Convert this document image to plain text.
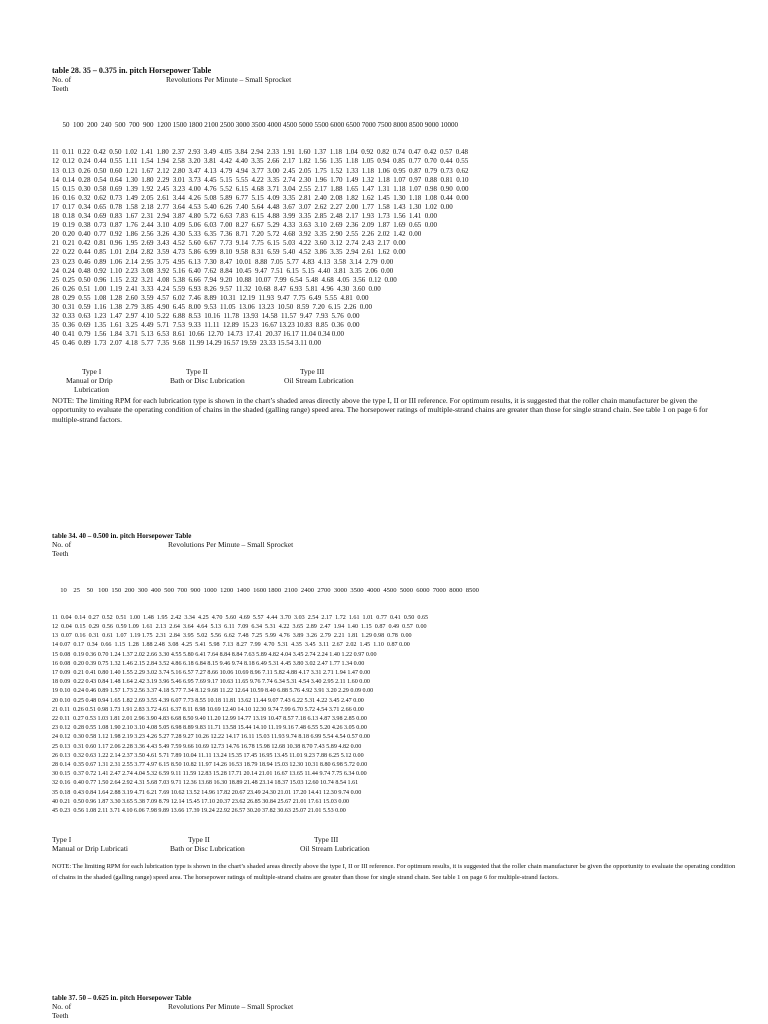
table 28. 35 – 0.375 in. pitch Horsepower Table
No. of	Revolutions Per Minute – Small Sprocket
Teeth

50  100  200  240  500  700  900  1200 1500 1800 2100 2500 3000 3500 4000 4500 5000 5500 6000 6500 7000 7500 8000 8500 9000 10000

11  0.11  0.22  0.42  0.50  1.02  1.41  1.80  2.37  2.93  3.49  4.05  3.84  2.94  2.33  1.91  1.60  1.37  1.18  1.04  0.92  0.82  0.74  0.47  0.42  0.57  0.48
12  0.12  0.24  0.44  0.55  1.11  1.54  1.94  2.58  3.20  3.81  4.42  4.40  3.35  2.66  2.17  1.82  1.56  1.35  1.18  1.05  0.94  0.85  0.77  0.70  0.44  0.55
13  0.13  0.26  0.50  0.60  1.21  1.67  2.12  2.80  3.47  4.13  4.79  4.94  3.77  3.00  2.45  2.05  1.75  1.52  1.33  1.18  1.06  0.95  0.87  0.79  0.73  0.62
14  0.14  0.28  0.54  0.64  1.30  1.80  2.29  3.01  3.73  4.45  5.15  5.55  4.22  3.35  2.74  2.30  1.96  1.70  1.49  1.32  1.18  1.07  0.97  0.88  0.81  0.10
15  0.15  0.30  0.58  0.69  1.39  1.92  2.45  3.23  4.00  4.76  5.52  6.15  4.68  3.71  3.04  2.55  2.17  1.88  1.65  1.47  1.31  1.18  1.07  0.98  0.90  0.00
16  0.16  0.32  0.62  0.73  1.49  2.05  2.61  3.44  4.26  5.08  5.89  6.77  5.15  4.09  3.35  2.81  2.40  2.08  1.82  1.62  1.45  1.30  1.18  1.08  0.44  0.00
17  0.17  0.34  0.65  0.78  1.58  2.18  2.77  3.64  4.53  5.40  6.26  7.40  5.64  4.48  3.67  3.07  2.62  2.27  2.00  1.77  1.58  1.43  1.30  1.02  0.00
18  0.18  0.34  0.69  0.83  1.67  2.31  2.94  3.87  4.80  5.72  6.63  7.83  6.15  4.88  3.99  3.35  2.85  2.48  2.17  1.93  1.73  1.56  1.41  0.00
19  0.19  0.38  0.73  0.87  1.76  2.44  3.10  4.09  5.06  6.03  7.00  8.27  6.67  5.29  4.33  3.63  3.10  2.69  2.36  2.09  1.87  1.69  0.65  0.00
20  0.20  0.40  0.77  0.92  1.86  2.56  3.26  4.30  5.33  6.35  7.36  8.71  7.20  5.72  4.68  3.92  3.35  2.90  2.55  2.26  2.02  1.42  0.00
21  0.21  0.42  0.81  0.96  1.95  2.69  3.43  4.52  5.60  6.67  7.73  9.14  7.75  6.15  5.03  4.22  3.60  3.12  2.74  2.43  2.17  0.00
22  0.22  0.44  0.85  1.01  2.04  2.82  3.59  4.73  5.86  6.99  8.10  9.58  8.31  6.59  5.40  4.52  3.86  3.35  2.94  2.61  1.62  0.00
23  0.23  0.46  0.89  1.06  2.14  2.95  3.75  4.95  6.13  7.30  8.47  10.01  8.88  7.05  5.77  4.83  4.13  3.58  3.14  2.79  0.00
24  0.24  0.48  0.92  1.10  2.23  3.08  3.92  5.16  6.40  7.62  8.84  10.45  9.47  7.51  6.15  5.15  4.40  3.81  3.35  2.06  0.00
25  0.25  0.50  0.96  1.15  2.32  3.21  4.08  5.38  6.66  7.94  9.20  10.88  10.07  7.99  6.54  5.48  4.68  4.05  3.56  0.12  0.00
26  0.26  0.51  1.00  1.19  2.41  3.33  4.24  5.59  6.93  8.26  9.57  11.32  10.68  8.47  6.93  5.81  4.96  4.30  3.60  0.00
28  0.29  0.55  1.08  1.28  2.60  3.59  4.57  6.02  7.46  8.89  10.31  12.19  11.93  9.47  7.75  6.49  5.55  4.81  0.00
30  0.31  0.59  1.16  1.38  2.79  3.85  4.90  6.45  8.00  9.53  11.05  13.06  13.23  10.50  8.59  7.20  6.15  2.26  0.00
32  0.33  0.63  1.23  1.47  2.97  4.10  5.22  6.88  8.53  10.16  11.78  13.93  14.58  11.57  9.47  7.93  5.76  0.00
35  0.36  0.69  1.35  1.61  3.25  4.49  5.71  7.53  9.33  11.11  12.89  15.23  16.67 13.23 10.83  8.85  0.36  0.00
40  0.41  0.79  1.56  1.84  3.71  5.13  6.53  8.61  10.66  12.70  14.73  17.41  20.37 16.17 11.04 0.34 0.00
45  0.46  0.89  1.73  2.07  4.18  5.77  7.35  9.68  11.99 14.29 16.57 19.59  23.33 15.54 3.11 0.00

Type I	Type II	Type III
Manual or Drip	Bath or Disc Lubrication	Oil Stream Lubrication
Lubrication
NOTE: The limiting RPM for each lubrication type is shown in the chart’s shaded areas directly above the type I, II or III reference. For optimum results, it is suggested that the roller chain manufacturer be given the opportunity to evaluate the operating condition of chains in the shaded (galling range) speed area. The horsepower ratings of multiple-strand chains are greater than those for single strand chain. See table 1 on page 6 for multiple-strand factors.
table 34. 40 – 0.500 in. pitch Horsepower Table
No. of	Revolutions Per Minute – Small Sprocket
Teeth

10    25    50   100  150  200  300  400  500  700  900  1000  1200  1400  1600 1800  2100  2400  2700  3000  3500  4000  4500  5000  6000  7000  8000  8500

11  0.04  0.14  0.27  0.52  0.51  1.00  1.48  1.95  2.42  3.34  4.25  4.70  5.60  4.69  5.57  4.44  3.70  3.03  2.54  2.17  1.72  1.61  1.01  0.77  0.41  0.50  0.65
12  0.04  0.15  0.29  0.56  0.59 1.09  1.61  2.13  2.64  3.64  4.64  5.13  6.11  7.09  6.34  5.31  4.22  3.65  2.89  2.47  1.94  1.40  1.15  0.87  0.49  0.57  0.00
13  0.07  0.16  0.31  0.61  1.07  1.19 1.75  2.31  2.84  3.95  5.02  5.56  6.62  7.48  7.25  5.99  4.76  3.89  3.26  2.79  2.21  1.81  1.29 0.98  0.78  0.00
14 0.07  0.17  0.34  0.66  1.15  1.28  1.88 2.48  3.08  4.25  5.41  5.98  7.13  8.27  7.99  4.70  5.31  4.35  3.45  3.11  2.67  2.02  1.45  1.10  0.87 0.00
15 0.08  0.19 0.36 0.70 1.24 1.37 2.02 2.66 3.30 4.55 5.80 6.41 7.64 8.84 8.84 7.63 5.89 4.82 4.04 3.45 2.74 2.24 1.40 1.22 0.97 0.00
16 0.08  0.20 0.39 0.75 1.32 1.46 2.15 2.84 3.52 4.86 6.18 6.84 8.15 9.46 9.74 8.18 6.49 5.31 4.45 3.80 3.02 2.47 1.77 1.34 0.00
17 0.09  0.21 0.41 0.80 1.40 1.55 2.29 3.02 3.74 5.16 6.57 7.27 8.66 10.06 10.69 8.96 7.11 5.82 4.88 4.17 3.31 2.71 1.94 1.47 0.00
18 0.09  0.22 0.43 0.84 1.48 1.64 2.42 3.19 3.96 5.46 6.95 7.69 9.17 10.63 11.65 9.76 7.74 6.34 5.31 4.54 3.40 2.95 2.11 1.60 0.00
19 0.10  0.24 0.46 0.89 1.57 1.73 2.56 3.37 4.18 5.77 7.34 8.12 9.68 11.22 12.64 10.59 8.40 6.88 5.76 4.92 3.91 3.20 2.29 0.09 0.00
20 0.10  0.25 0.48 0.94 1.65 1.82 2.69 3.55 4.39 6.07 7.73 8.55 10.18 11.81 13.62 11.44 9.07 7.43 6.22 5.31 4.22 3.45 2.47 0.00
21 0.11  0.26 0.51 0.98 1.73 1.91 2.83 3.72 4.61 6.37 8.11 8.98 10.69 12.40 14.10 12.30 9.74 7.99 6.70 5.72 4.54 3.71 2.66 0.00
22 0.11  0.27 0.53 1.03 1.81 2.01 2.96 3.90 4.83 6.68 8.50 9.40 11.20 12.99 14.77 13.19 10.47 8.57 7.18 6.13 4.87 3.98 2.85 0.00
23 0.12  0.28 0.55 1.08 1.90 2.10 3.10 4.08 5.05 6.98 8.89 9.83 11.71 13.58 15.44 14.10 11.19 9.16 7.48 6.55 5.20 4.26 3.05 0.00
24 0.12  0.30 0.58 1.12 1.98 2.19 3.23 4.26 5.27 7.28 9.27 10.26 12.22 14.17 16.11 15.03 11.93 9.74 8.18 6.99 5.54 4.54 0.57 0.00
25 0.13  0.31 0.60 1.17 2.06 2.28 3.36 4.43 5.49 7.59 9.66 10.69 12.73 14.76 16.78 15.98 12.68 10.38 8.70 7.43 5.89 4.82 0.00
26 0.13  0.32 0.63 1.22 2.14 2.37 3.50 4.61 5.71 7.89 10.04 11.11 13.24 15.35 17.45 16.95 13.45 11.01 9.23 7.88 6.25 5.12 0.00
28 0.14  0.35 0.67 1.31 2.31 2.55 3.77 4.97 6.15 8.50 10.82 11.97 14.26 16.53 18.79 18.94 15.03 12.30 10.31 8.80 6.98 5.72 0.00
30 0.15  0.37 0.72 1.41 2.47 2.74 4.04 5.32 6.59 9.11 11.59 12.83 15.28 17.71 20.14 21.01 16.67 13.65 11.44 9.74 7.75 6.34 0.00
32 0.16  0.40 0.77 1.50 2.64 2.92 4.31 5.68 7.03 9.71 12.36 13.68 16.30 18.89 21.48 23.14 18.37 15.03 12.60 10.74 8.54 1.61
35 0.18  0.43 0.84 1.64 2.88 3.19 4.71 6.21 7.69 10.62 13.52 14.96 17.82 20.67 23.49 24.30 21.01 17.20 14.41 12.30 9.74 0.00
40 0.21  0.50 0.96 1.87 3.30 3.65 5.38 7.09 8.79 12.14 15.45 17.10 20.37 23.62 26.85 30.84 25.67 21.01 17.61 15.03 0.00
45 0.23  0.56 1.08 2.11 3.71 4.10 6.06 7.98 9.89 13.66 17.39 19.24 22.92 26.57 30.20 37.82 30.63 25.07 21.01 5.53 0.00

Type I	Type II	Type III
Manual or Drip Lubricati	Bath or Disc Lubrication	Oil Stream Lubrication
NOTE: The limiting RPM for each lubrication type is shown in the chart’s shaded areas directly above the type I, II or III reference. For optimum results, it is suggested that the roller chain manufacturer be given the opportunity to evaluate the operating condition of chains in the shaded (galling range) speed area. The horsepower ratings of multiple-strand chains are greater than those for single strand chain. See table 1 on page 6 for multiple-strand factors.
table 37. 50 – 0.625 in. pitch Horsepower Table
No. of	Revolutions Per Minute – Small Sprocket
Teeth
